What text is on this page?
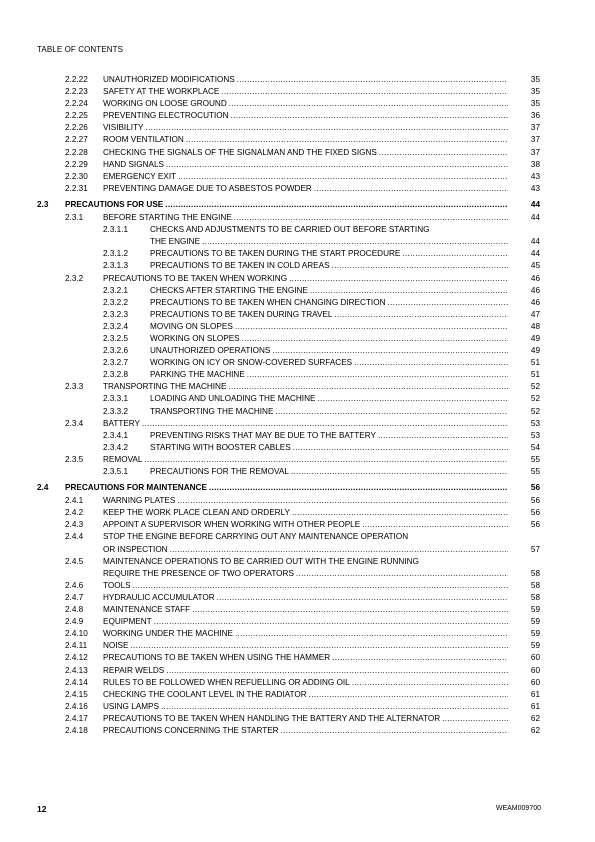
TABLE OF CONTENTS
2.2.22 UNAUTHORIZED MODIFICATIONS .....	35
2.2.23 SAFETY AT THE WORKPLACE .....	35
2.2.24 WORKING ON LOOSE GROUND .....	35
2.2.25 PREVENTING ELECTROCUTION .....	36
2.2.26 VISIBILITY .....	37
2.2.27 ROOM VENTILATION .....	37
2.2.28 CHECKING THE SIGNALS OF THE SIGNALMAN AND THE FIXED SIGNS .....	37
2.2.29 HAND SIGNALS .....	38
2.2.30 EMERGENCY EXIT .....	43
2.2.31 PREVENTING DAMAGE DUE TO ASBESTOS POWDER .....	43
2.3 PRECAUTIONS FOR USE .....	44
2.3.1 BEFORE STARTING THE ENGINE .....	44
2.3.1.1	CHECKS AND ADJUSTMENTS TO BE CARRIED OUT BEFORE STARTING
THE ENGINE .....	44
2.3.1.2	PRECAUTIONS TO BE TAKEN DURING THE START PROCEDURE .....	44
2.3.1.3	PRECAUTIONS TO BE TAKEN IN COLD AREAS .....	45
2.3.2 PRECAUTIONS TO BE TAKEN WHEN WORKING .....	46
2.3.2.1	CHECKS AFTER STARTING THE ENGINE .....	46
2.3.2.2	PRECAUTIONS TO BE TAKEN WHEN CHANGING DIRECTION .....	46
2.3.2.3	PRECAUTIONS TO BE TAKEN DURING TRAVEL .....	47
2.3.2.4	MOVING ON SLOPES .....	48
2.3.2.5	WORKING ON SLOPES .....	49
2.3.2.6	UNAUTHORIZED OPERATIONS .....	49
2.3.2.7	WORKING ON ICY OR SNOW-COVERED SURFACES .....	51
2.3.2.8	PARKING THE MACHINE .....	51
2.3.3 TRANSPORTING THE MACHINE .....	52
2.3.3.1	LOADING AND UNLOADING THE MACHINE .....	52
2.3.3.2	TRANSPORTING THE MACHINE .....	52
2.3.4 BATTERY .....	53
2.3.4.1	PREVENTING RISKS THAT MAY BE DUE TO THE BATTERY .....	53
2.3.4.2	STARTING WITH BOOSTER CABLES .....	54
2.3.5 REMOVAL .....	55
2.3.5.1	PRECAUTIONS FOR THE REMOVAL .....	55
2.4 PRECAUTIONS FOR MAINTENANCE .....	56
2.4.1 WARNING PLATES .....	56
2.4.2 KEEP THE WORK PLACE CLEAN AND ORDERLY .....	56
2.4.3 APPOINT A SUPERVISOR WHEN WORKING WITH OTHER PEOPLE .....	56
2.4.4 STOP THE ENGINE BEFORE CARRYING OUT ANY MAINTENANCE OPERATION
OR INSPECTION .....	57
2.4.5 MAINTENANCE OPERATIONS TO BE CARRIED OUT WITH THE ENGINE RUNNING
REQUIRE THE PRESENCE OF TWO OPERATORS .....	58
2.4.6 TOOLS .....	58
2.4.7 HYDRAULIC ACCUMULATOR .....	58
2.4.8 MAINTENANCE STAFF .....	59
2.4.9 EQUIPMENT .....	59
2.4.10 WORKING UNDER THE MACHINE .....	59
2.4.11 NOISE .....	59
2.4.12 PRECAUTIONS TO BE TAKEN WHEN USING THE HAMMER .....	60
2.4.13 REPAIR WELDS .....	60
2.4.14 RULES TO BE FOLLOWED WHEN REFUELLING OR ADDING OIL .....	60
2.4.15 CHECKING THE COOLANT LEVEL IN THE RADIATOR .....	61
2.4.16 USING LAMPS .....	61
2.4.17 PRECAUTIONS TO BE TAKEN WHEN HANDLING THE BATTERY AND THE ALTERNATOR .....	62
2.4.18 PRECAUTIONS CONCERNING THE STARTER .....	62
12	WEAM009700
